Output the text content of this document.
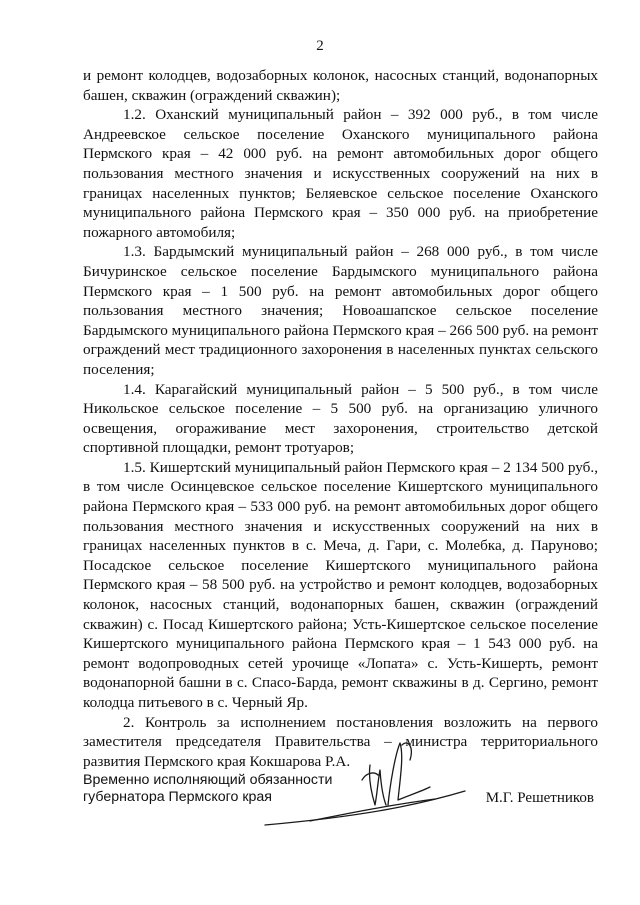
2

и ремонт колодцев, водозаборных колонок, насосных станций, водонапорных башен, скважин (ограждений скважин);

1.2. Оханский муниципальный район – 392 000 руб., в том числе Андреевское сельское поселение Оханского муниципального района Пермского края – 42 000 руб. на ремонт автомобильных дорог общего пользования местного значения и искусственных сооружений на них в границах населенных пунктов; Беляевское сельское поселение Оханского муниципального района Пермского края – 350 000 руб. на приобретение пожарного автомобиля;

1.3. Бардымский муниципальный район – 268 000 руб., в том числе Бичуринское сельское поселение Бардымского муниципального района Пермского края – 1 500 руб. на ремонт автомобильных дорог общего пользования местного значения; Новоашапское сельское поселение Бардымского муниципального района Пермского края – 266 500 руб. на ремонт ограждений мест традиционного захоронения в населенных пунктах сельского поселения;

1.4. Карагайский муниципальный район – 5 500 руб., в том числе Никольское сельское поселение – 5 500 руб. на организацию уличного освещения, огораживание мест захоронения, строительство детской спортивной площадки, ремонт тротуаров;

1.5. Кишертский муниципальный район Пермского края – 2 134 500 руб., в том числе Осинцевское сельское поселение Кишертского муниципального района Пермского края – 533 000 руб. на ремонт автомобильных дорог общего пользования местного значения и искусственных сооружений на них в границах населенных пунктов в с. Меча, д. Гари, с. Молебка, д. Паруново; Посадское сельское поселение Кишертского муниципального района Пермского края – 58 500 руб. на устройство и ремонт колодцев, водозаборных колонок, насосных станций, водонапорных башен, скважин (ограждений скважин) с. Посад Кишертского района; Усть-Кишертское сельское поселение Кишертского муниципального района Пермского края – 1 543 000 руб. на ремонт водопроводных сетей урочище «Лопата» с. Усть-Кишерть, ремонт водонапорной башни в с. Спасо-Барда, ремонт скважины в д. Сергино, ремонт колодца питьевого в с. Черный Яр.

2. Контроль за исполнением постановления возложить на первого заместителя председателя Правительства – министра территориального развития Пермского края Кокшарова Р.А.

Временно исполняющий обязанности
губернатора Пермского края	М.Г. Решетников
